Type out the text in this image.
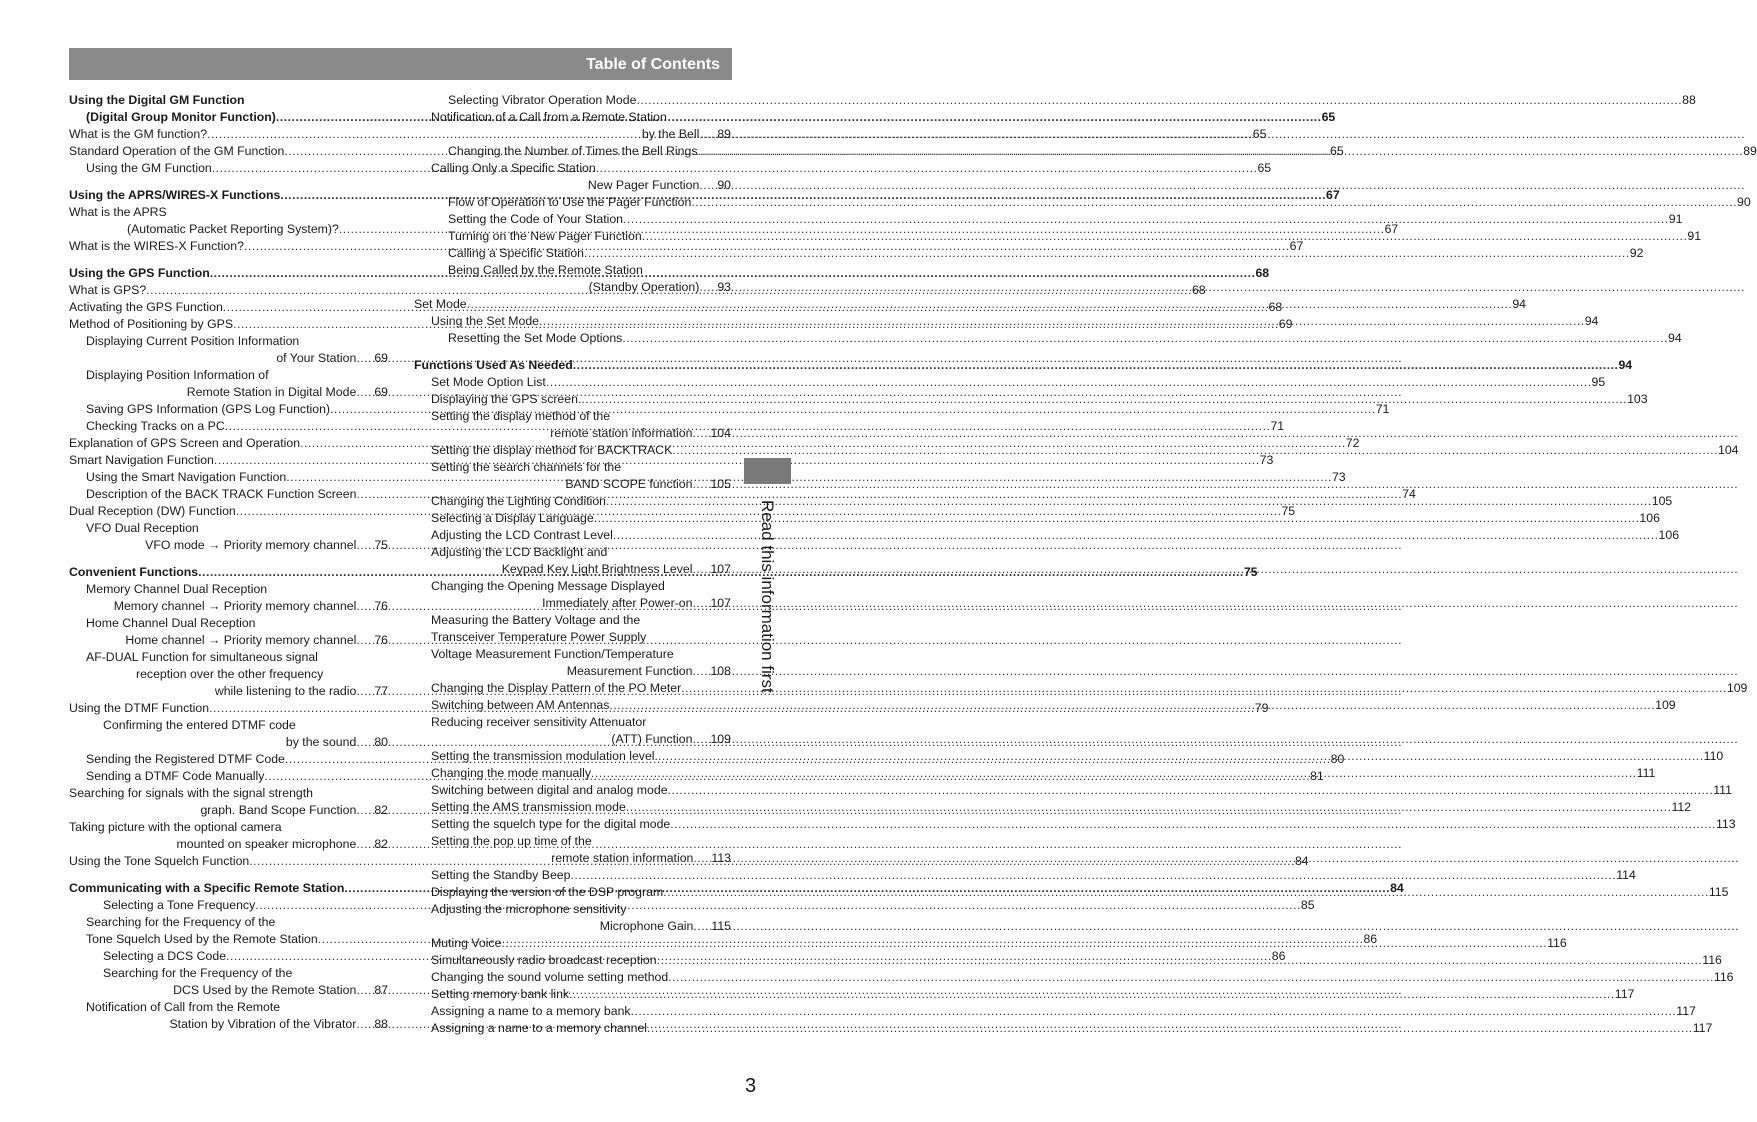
Table of Contents
Using the Digital GM Function
(Digital Group Monitor Function) .....	65
What is the GM function? .....	65
Standard Operation of the GM Function .....	65
Using the GM Function .....	65
Using the APRS/WIRES-X Functions .....	67
What is the APRS
(Automatic Packet Reporting System)? .....	67
What is the WIRES-X Function? .....	67
Using the GPS Function .....	68
What is GPS? .....	68
Activating the GPS Function .....	68
Method of Positioning by GPS .....	69
Displaying Current Position Information
of Your Station ..... 69
Displaying Position Information of
Remote Station in Digital Mode ..... 69
Saving GPS Information (GPS Log Function) .....	71
Checking Tracks on a PC .....	71
Explanation of GPS Screen and Operation .....	72
Smart Navigation Function .....	73
Using the Smart Navigation Function .....	73
Description of the BACK TRACK Function Screen .....	74
Dual Reception (DW) Function .....	75
VFO Dual Reception
VFO mode → Priority memory channel ..... 75
Convenient Functions .....	75
Memory Channel Dual Reception
Memory channel → Priority memory channel ..... 76
Home Channel Dual Reception
Home channel → Priority memory channel ..... 76
AF-DUAL Function for simultaneous signal
reception over the other frequency
while listening to the radio ..... 77
Using the DTMF Function .....	79
Confirming the entered DTMF code
by the sound ..... 80
Sending the Registered DTMF Code .....	80
Sending a DTMF Code Manually .....	81
Searching for signals with the signal strength
graph. Band Scope Function ..... 82
Taking picture with the optional camera
mounted on speaker microphone ..... 82
Using the Tone Squelch Function .....	84
Communicating with a Specific Remote Station .....	84
Selecting a Tone Frequency .....	85
Searching for the Frequency of the
Tone Squelch Used by the Remote Station .....	86
Selecting a DCS Code .....	86
Searching for the Frequency of the
DCS Used by the Remote Station ..... 87
Notification of Call from the Remote
Station by Vibration of the Vibrator ..... 88
Selecting Vibrator Operation Mode .....	88
Notification of a Call from a Remote Station
by the Bell ..... 89
Changing the Number of Times the Bell Rings .....	89
Calling Only a Specific Station
New Pager Function ..... 90
Flow of Operation to Use the Pager Function .....	90
Setting the Code of Your Station .....	91
Turning on the New Pager Function .....	91
Calling a Specific Station .....	92
Being Called by the Remote Station
(Standby Operation) ..... 93
Set Mode .....	94
Using the Set Mode .....	94
Resetting the Set Mode Options .....	94
Functions Used As Needed .....	94
Set Mode Option List .....	95
Displaying the GPS screen. .....	103
Setting the display method of the
remote station information ..... 104
Setting the display method for BACKTRACK .....	104
Setting the search channels for the
BAND SCOPE function ..... 105
Changing the Lighting Condition .....	105
Selecting a Display Language .....	106
Adjusting the LCD Contrast Level .....	106
Adjusting the LCD Backlight and
Keypad Key Light Brightness Level ..... 107
Changing the Opening Message Displayed
Immediately after Power-on ..... 107
Measuring the Battery Voltage and the
Transceiver Temperature Power Supply
Voltage Measurement Function/Temperature
Measurement Function ..... 108
Changing the Display Pattern of the PO Meter .....	109
Switching between AM Antennas .....	109
Reducing receiver sensitivity Attenuator
(ATT) Function ..... 109
Setting the transmission modulation level. .....	110
Changing the mode manually .....	111
Switching between digital and analog mode .....	111
Setting the AMS transmission mode .....	112
Setting the squelch type for the digital mode .....	113
Setting the pop up time of the
remote station information ..... 113
Setting the Standby Beep .....	114
Displaying the version of the DSP program .....	115
Adjusting the microphone sensitivity
Microphone Gain ..... 115
Muting Voice .....	116
Simultaneously radio broadcast reception .....	116
Changing the sound volume setting method .....	116
Setting memory bank link .....	117
Assigning a name to a memory bank .....	117
Assigning a name to a memory channel .....	117
Read this information first
3
